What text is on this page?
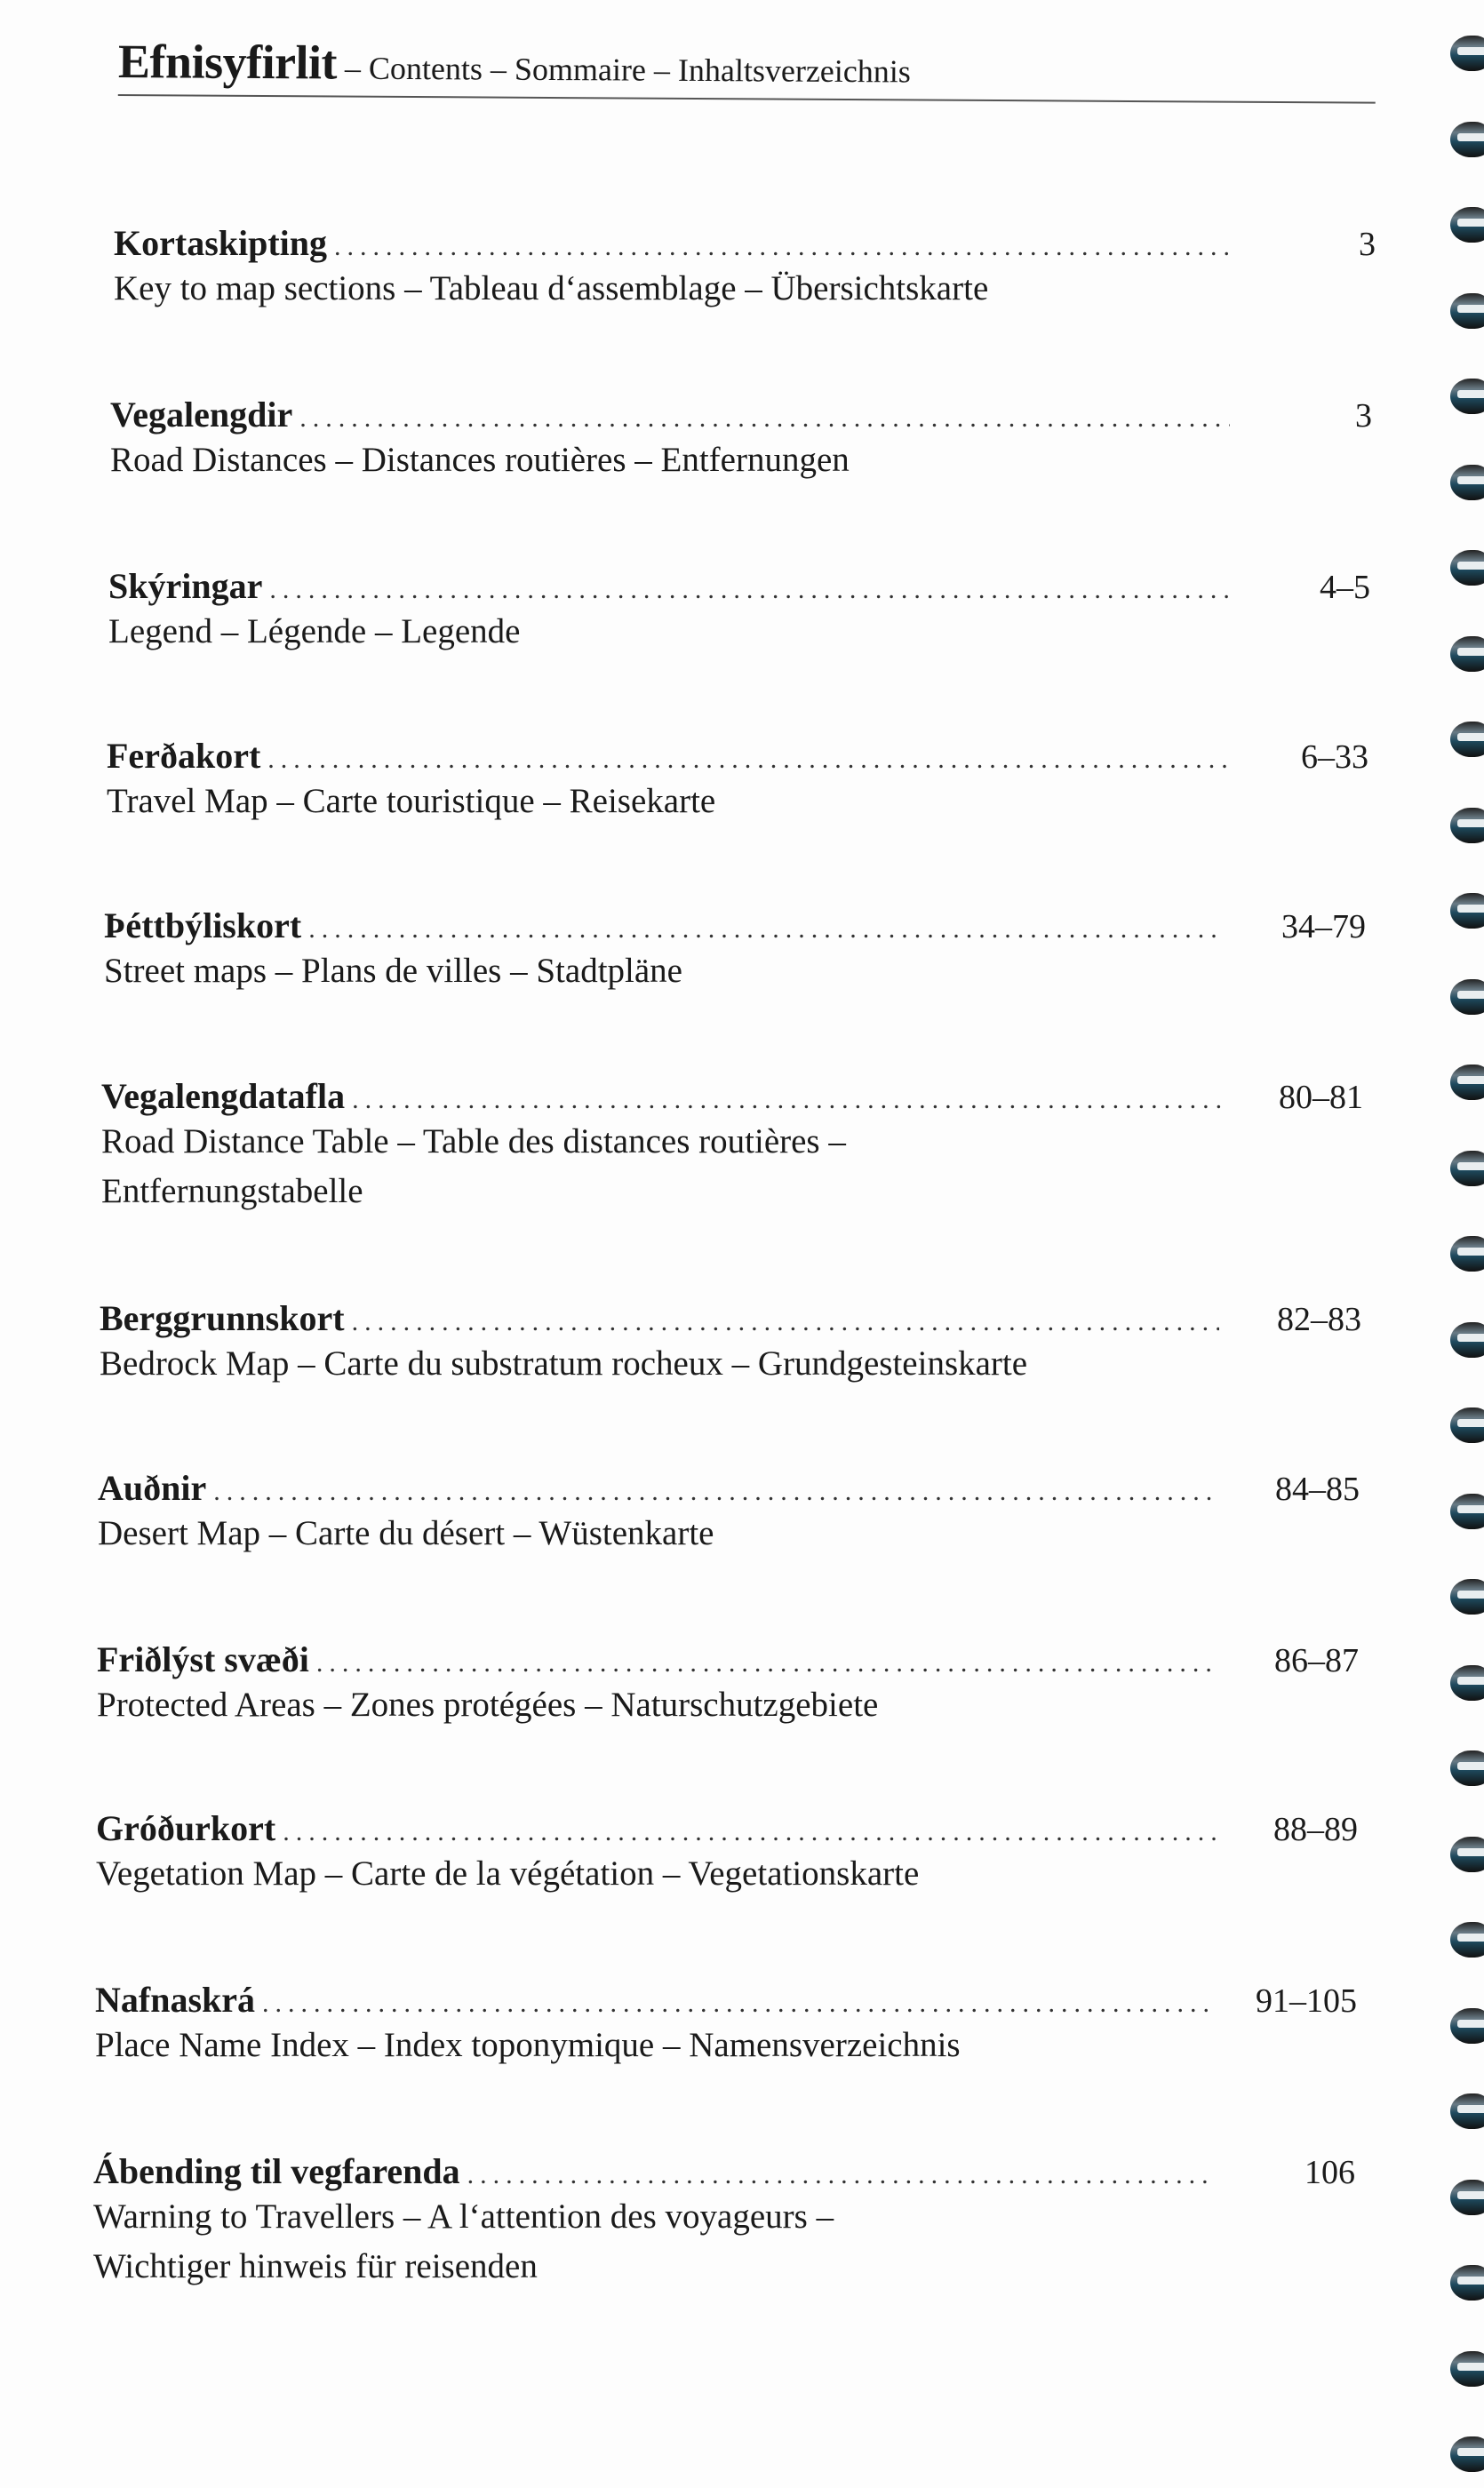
Efnisyfirlit – Contents – Sommaire – Inhaltsverzeichnis
Kortaskipting .....	3
Key to map sections – Tableau d‘assemblage – Übersichtskarte
Vegalengdir .....	3
Road Distances – Distances routières – Entfernungen
Skýringar .....	4–5
Legend – Légende – Legende
Ferðakort .....	6–33
Travel Map – Carte touristique – Reisekarte
Þéttbýliskort .....	34–79
Street maps – Plans de villes – Stadtpläne
Vegalengdatafla .....	80–81
Road Distance Table – Table des distances routières –
Entfernungstabelle
Berggrunnskort .....	82–83
Bedrock Map – Carte du substratum rocheux – Grundgesteinskarte
Auðnir .....	84–85
Desert Map – Carte du désert – Wüstenkarte
Friðlýst svæði .....	86–87
Protected Areas – Zones protégées – Naturschutzgebiete
Gróðurkort .....	88–89
Vegetation Map – Carte de la végétation – Vegetationskarte
Nafnaskrá .....	91–105
Place Name Index – Index toponymique – Namensverzeichnis
Ábending til vegfarenda .....	106
Warning to Travellers – A l‘attention des voyageurs –
Wichtiger hinweis für reisenden
